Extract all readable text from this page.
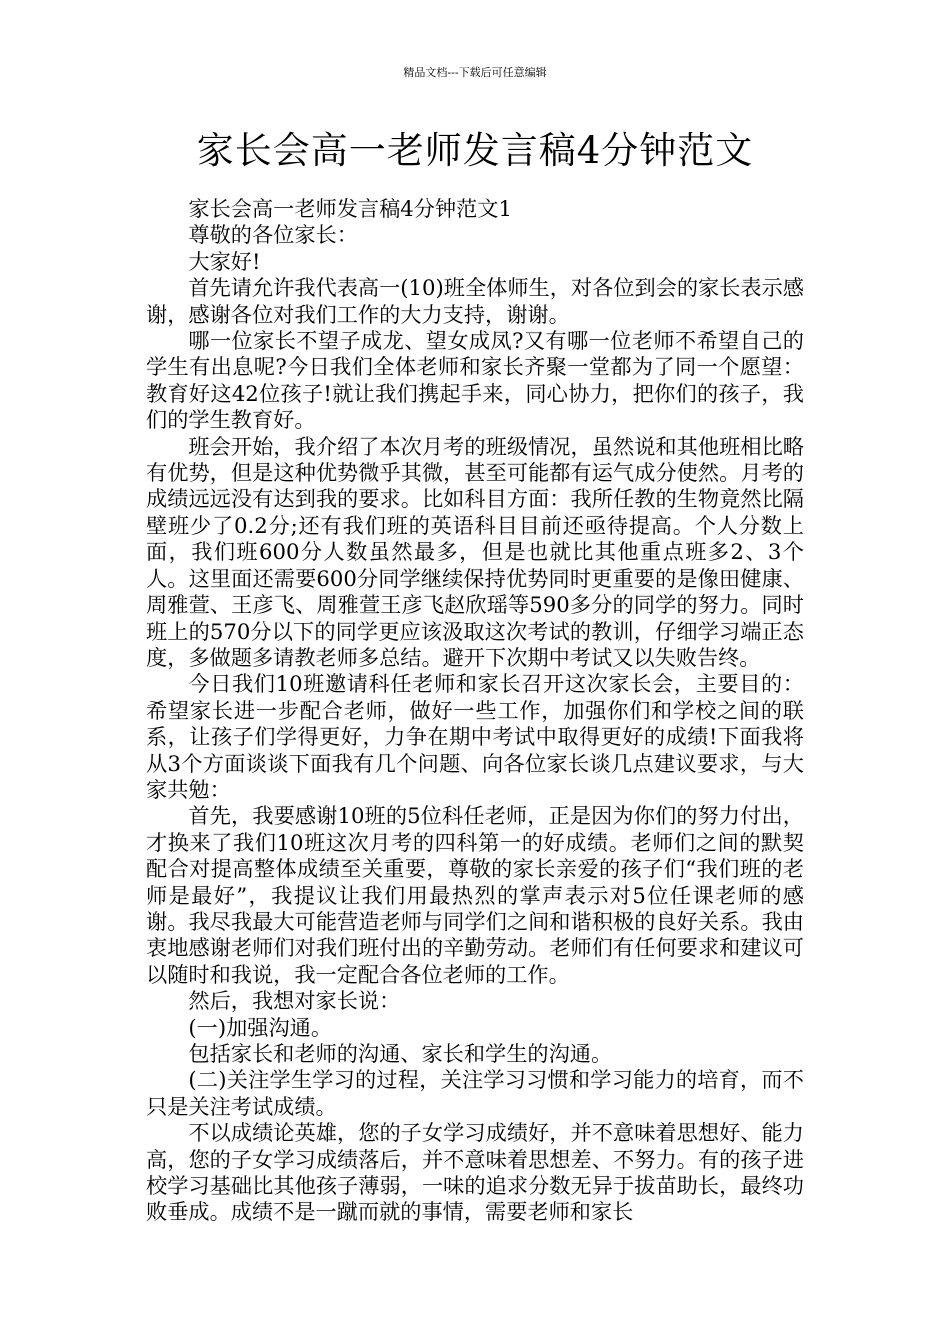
精品文档---下载后可任意编辑
家长会高一老师发言稿4分钟范文

家长会高一老师发言稿4分钟范文1

尊敬的各位家长：

大家好!

首先请允许我代表高一(10)班全体师生，对各位到会的家长表示感谢，感谢各位对我们工作的大力支持，谢谢。

哪一位家长不望子成龙、望女成凤?又有哪一位老师不希望自己的学生有出息呢?今日我们全体老师和家长齐聚一堂都为了同一个愿望：教育好这42位孩子!就让我们携起手来，同心协力，把你们的孩子，我们的学生教育好。

班会开始，我介绍了本次月考的班级情况，虽然说和其他班相比略有优势，但是这种优势微乎其微，甚至可能都有运气成分使然。月考的成绩远远没有达到我的要求。比如科目方面：我所任教的生物竟然比隔壁班少了0.2分;还有我们班的英语科目目前还亟待提高。个人分数上面，我们班600分人数虽然最多，但是也就比其他重点班多2、3个人。这里面还需要600分同学继续保持优势同时更重要的是像田健康、周雅萱、王彦飞、周雅萱王彦飞赵欣瑶等590多分的同学的努力。同时班上的570分以下的同学更应该汲取这次考试的教训，仔细学习端正态度，多做题多请教老师多总结。避开下次期中考试又以失败告终。

今日我们10班邀请科任老师和家长召开这次家长会，主要目的：希望家长进一步配合老师，做好一些工作，加强你们和学校之间的联系，让孩子们学得更好，力争在期中考试中取得更好的成绩!下面我将从3个方面谈谈下面我有几个问题、向各位家长谈几点建议要求，与大家共勉：

首先，我要感谢10班的5位科任老师，正是因为你们的努力付出，才换来了我们10班这次月考的四科第一的好成绩。老师们之间的默契配合对提高整体成绩至关重要，尊敬的家长亲爱的孩子们“我们班的老师是最好”，我提议让我们用最热烈的掌声表示对5位任课老师的感谢。我尽我最大可能营造老师与同学们之间和谐积极的良好关系。我由衷地感谢老师们对我们班付出的辛勤劳动。老师们有任何要求和建议可以随时和我说，我一定配合各位老师的工作。

然后，我想对家长说：

(一)加强沟通。

包括家长和老师的沟通、家长和学生的沟通。

(二)关注学生学习的过程，关注学习习惯和学习能力的培育，而不只是关注考试成绩。

不以成绩论英雄，您的子女学习成绩好，并不意味着思想好、能力高，您的子女学习成绩落后，并不意味着思想差、不努力。有的孩子进校学习基础比其他孩子薄弱，一味的追求分数无异于拔苗助长，最终功败垂成。成绩不是一蹴而就的事情，需要老师和家长
